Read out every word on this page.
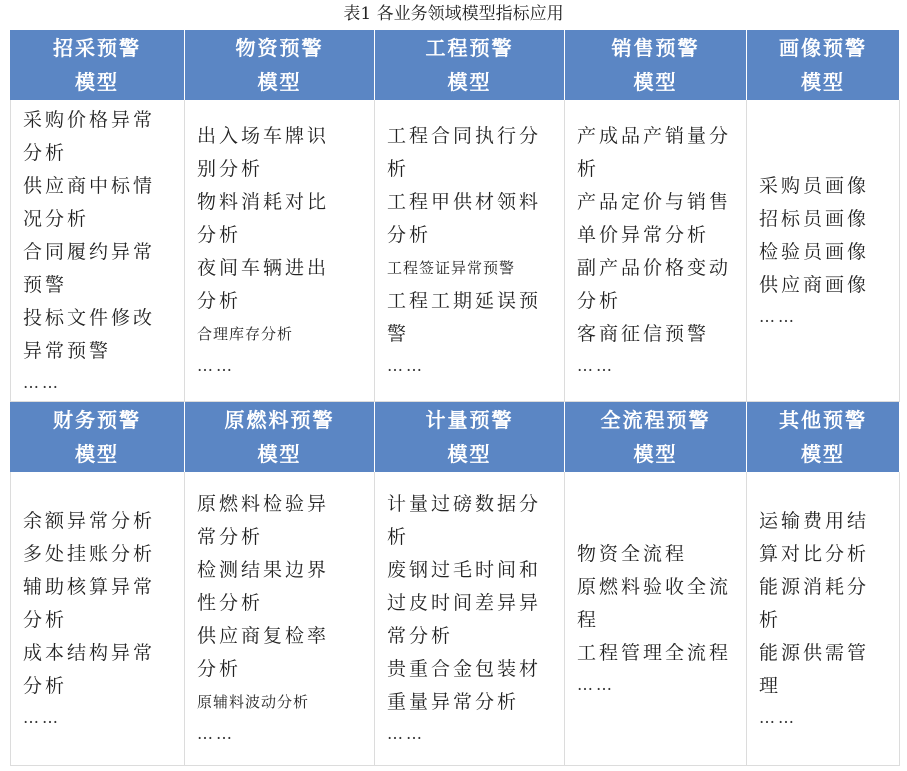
表1 各业务领域模型指标应用
招采预警
模型
物资预警
模型
工程预警
模型
销售预警
模型
画像预警
模型
采购价格异常
分析
供应商中标情
况分析
合同履约异常
预警
投标文件修改
异常预警
……
出入场车牌识
别分析
物料消耗对比
分析
夜间车辆进出
分析
合理库存分析
……
工程合同执行分
析
工程甲供材领料
分析
工程签证异常预警
工程工期延误预
警
……
产成品产销量分
析
产品定价与销售
单价异常分析
副产品价格变动
分析
客商征信预警
……
采购员画像
招标员画像
检验员画像
供应商画像
……
财务预警
模型
原燃料预警
模型
计量预警
模型
全流程预警
模型
其他预警
模型
余额异常分析
多处挂账分析
辅助核算异常
分析
成本结构异常
分析
……
原燃料检验异
常分析
检测结果边界
性分析
供应商复检率
分析
原辅料波动分析
……
计量过磅数据分
析
废钢过毛时间和
过皮时间差异异
常分析
贵重合金包装材
重量异常分析
……
物资全流程
原燃料验收全流
程
工程管理全流程
……
运输费用结
算对比分析
能源消耗分
析
能源供需管
理
……
